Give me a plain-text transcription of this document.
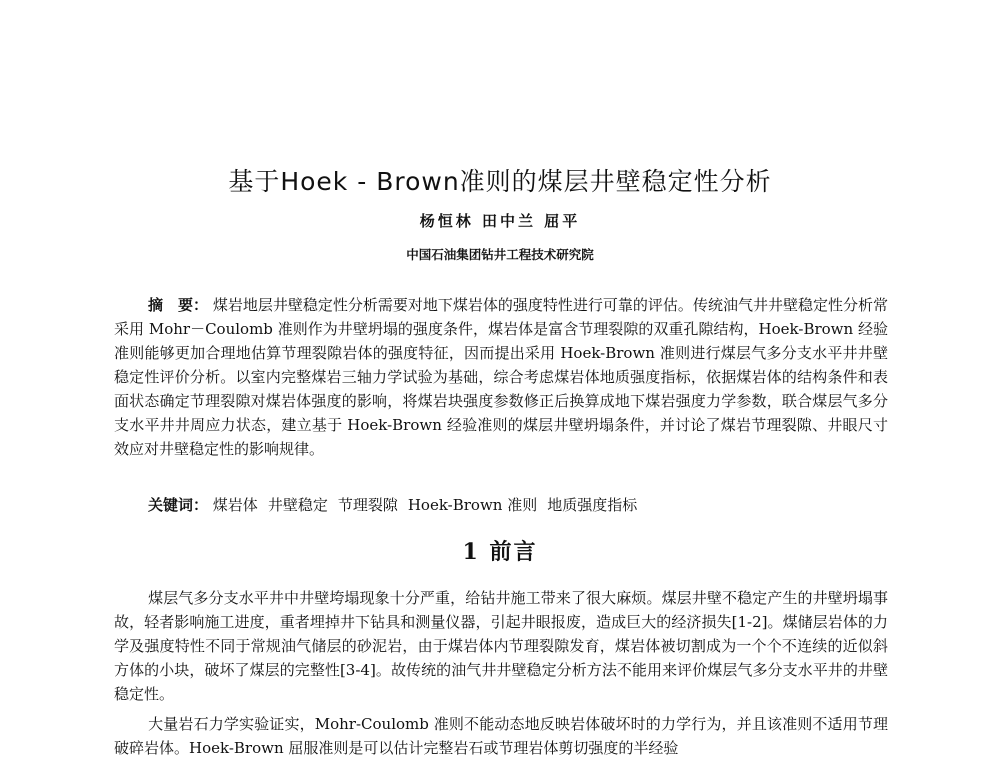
基于Hoek - Brown准则的煤层井壁稳定性分析
杨恒林 田中兰 屈平
中国石油集团钻井工程技术研究院

摘　要： 煤岩地层井壁稳定性分析需要对地下煤岩体的强度特性进行可靠的评估。传统油气井井壁稳定性分析常采用 Mohr－Coulomb 准则作为井壁坍塌的强度条件，煤岩体是富含节理裂隙的双重孔隙结构，Hoek-Brown 经验准则能够更加合理地估算节理裂隙岩体的强度特征，因而提出采用 Hoek-Brown 准则进行煤层气多分支水平井井壁稳定性评价分析。以室内完整煤岩三轴力学试验为基础，综合考虑煤岩体地质强度指标，依据煤岩体的结构条件和表面状态确定节理裂隙对煤岩体强度的影响，将煤岩块强度参数修正后换算成地下煤岩强度力学参数，联合煤层气多分支水平井井周应力状态，建立基于 Hoek-Brown 经验准则的煤层井壁坍塌条件，并讨论了煤岩节理裂隙、井眼尺寸效应对井壁稳定性的影响规律。

关键词： 煤岩体 井壁稳定 节理裂隙 Hoek-Brown 准则 地质强度指标
1 前言

煤层气多分支水平井中井壁垮塌现象十分严重，给钻井施工带来了很大麻烦。煤层井壁不稳定产生的井壁坍塌事故，轻者影响施工进度，重者埋掉井下钻具和测量仪器，引起井眼报废，造成巨大的经济损失[1-2]。煤储层岩体的力学及强度特性不同于常规油气储层的砂泥岩，由于煤岩体内节理裂隙发育，煤岩体被切割成为一个个不连续的近似斜方体的小块，破坏了煤层的完整性[3-4]。故传统的油气井井壁稳定分析方法不能用来评价煤层气多分支水平井的井壁稳定性。

大量岩石力学实验证实，Mohr-Coulomb 准则不能动态地反映岩体破坏时的力学行为，并且该准则不适用节理破碎岩体。Hoek-Brown 屈服准则是可以估计完整岩石或节理岩体剪切强度的半经验
